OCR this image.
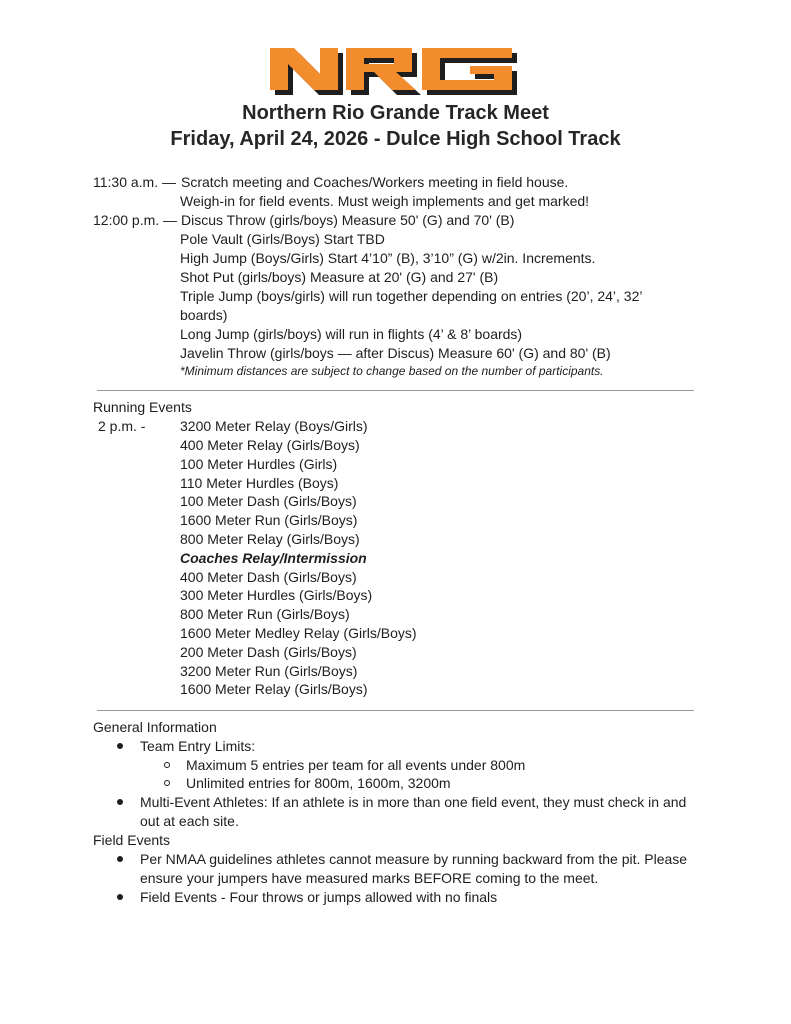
Northern Rio Grande Track Meet
Friday, April 24, 2026 - Dulce High School Track
11:30 a.m. — Scratch meeting and Coaches/Workers meeting in field house.
Weigh-in for field events. Must weigh implements and get marked!
12:00 p.m. — Discus Throw (girls/boys) Measure 50' (G) and 70' (B)
Pole Vault (Girls/Boys) Start TBD
High Jump (Boys/Girls) Start 4’10” (B), 3’10” (G) w/2in. Increments.
Shot Put (girls/boys) Measure at 20' (G) and 27' (B)
Triple Jump (boys/girls) will run together depending on entries (20’, 24’, 32’
boards)
Long Jump (girls/boys) will run in flights (4’ & 8’ boards)
Javelin Throw (girls/boys — after Discus) Measure 60' (G) and 80' (B)
*Minimum distances are subject to change based on the number of participants.
Running Events
2 p.m. - 3200 Meter Relay (Boys/Girls)
400 Meter Relay (Girls/Boys)
100 Meter Hurdles (Girls)
110 Meter Hurdles (Boys)
100 Meter Dash (Girls/Boys)
1600 Meter Run (Girls/Boys)
800 Meter Relay (Girls/Boys)
Coaches Relay/Intermission
400 Meter Dash (Girls/Boys)
300 Meter Hurdles (Girls/Boys)
800 Meter Run (Girls/Boys)
1600 Meter Medley Relay (Girls/Boys)
200 Meter Dash (Girls/Boys)
3200 Meter Run (Girls/Boys)
1600 Meter Relay (Girls/Boys)
General Information
Team Entry Limits:
Maximum 5 entries per team for all events under 800m
Unlimited entries for 800m, 1600m, 3200m
Multi-Event Athletes: If an athlete is in more than one field event, they must check in and
out at each site.
Field Events
Per NMAA guidelines athletes cannot measure by running backward from the pit. Please
ensure your jumpers have measured marks BEFORE coming to the meet.
Field Events - Four throws or jumps allowed with no finals
